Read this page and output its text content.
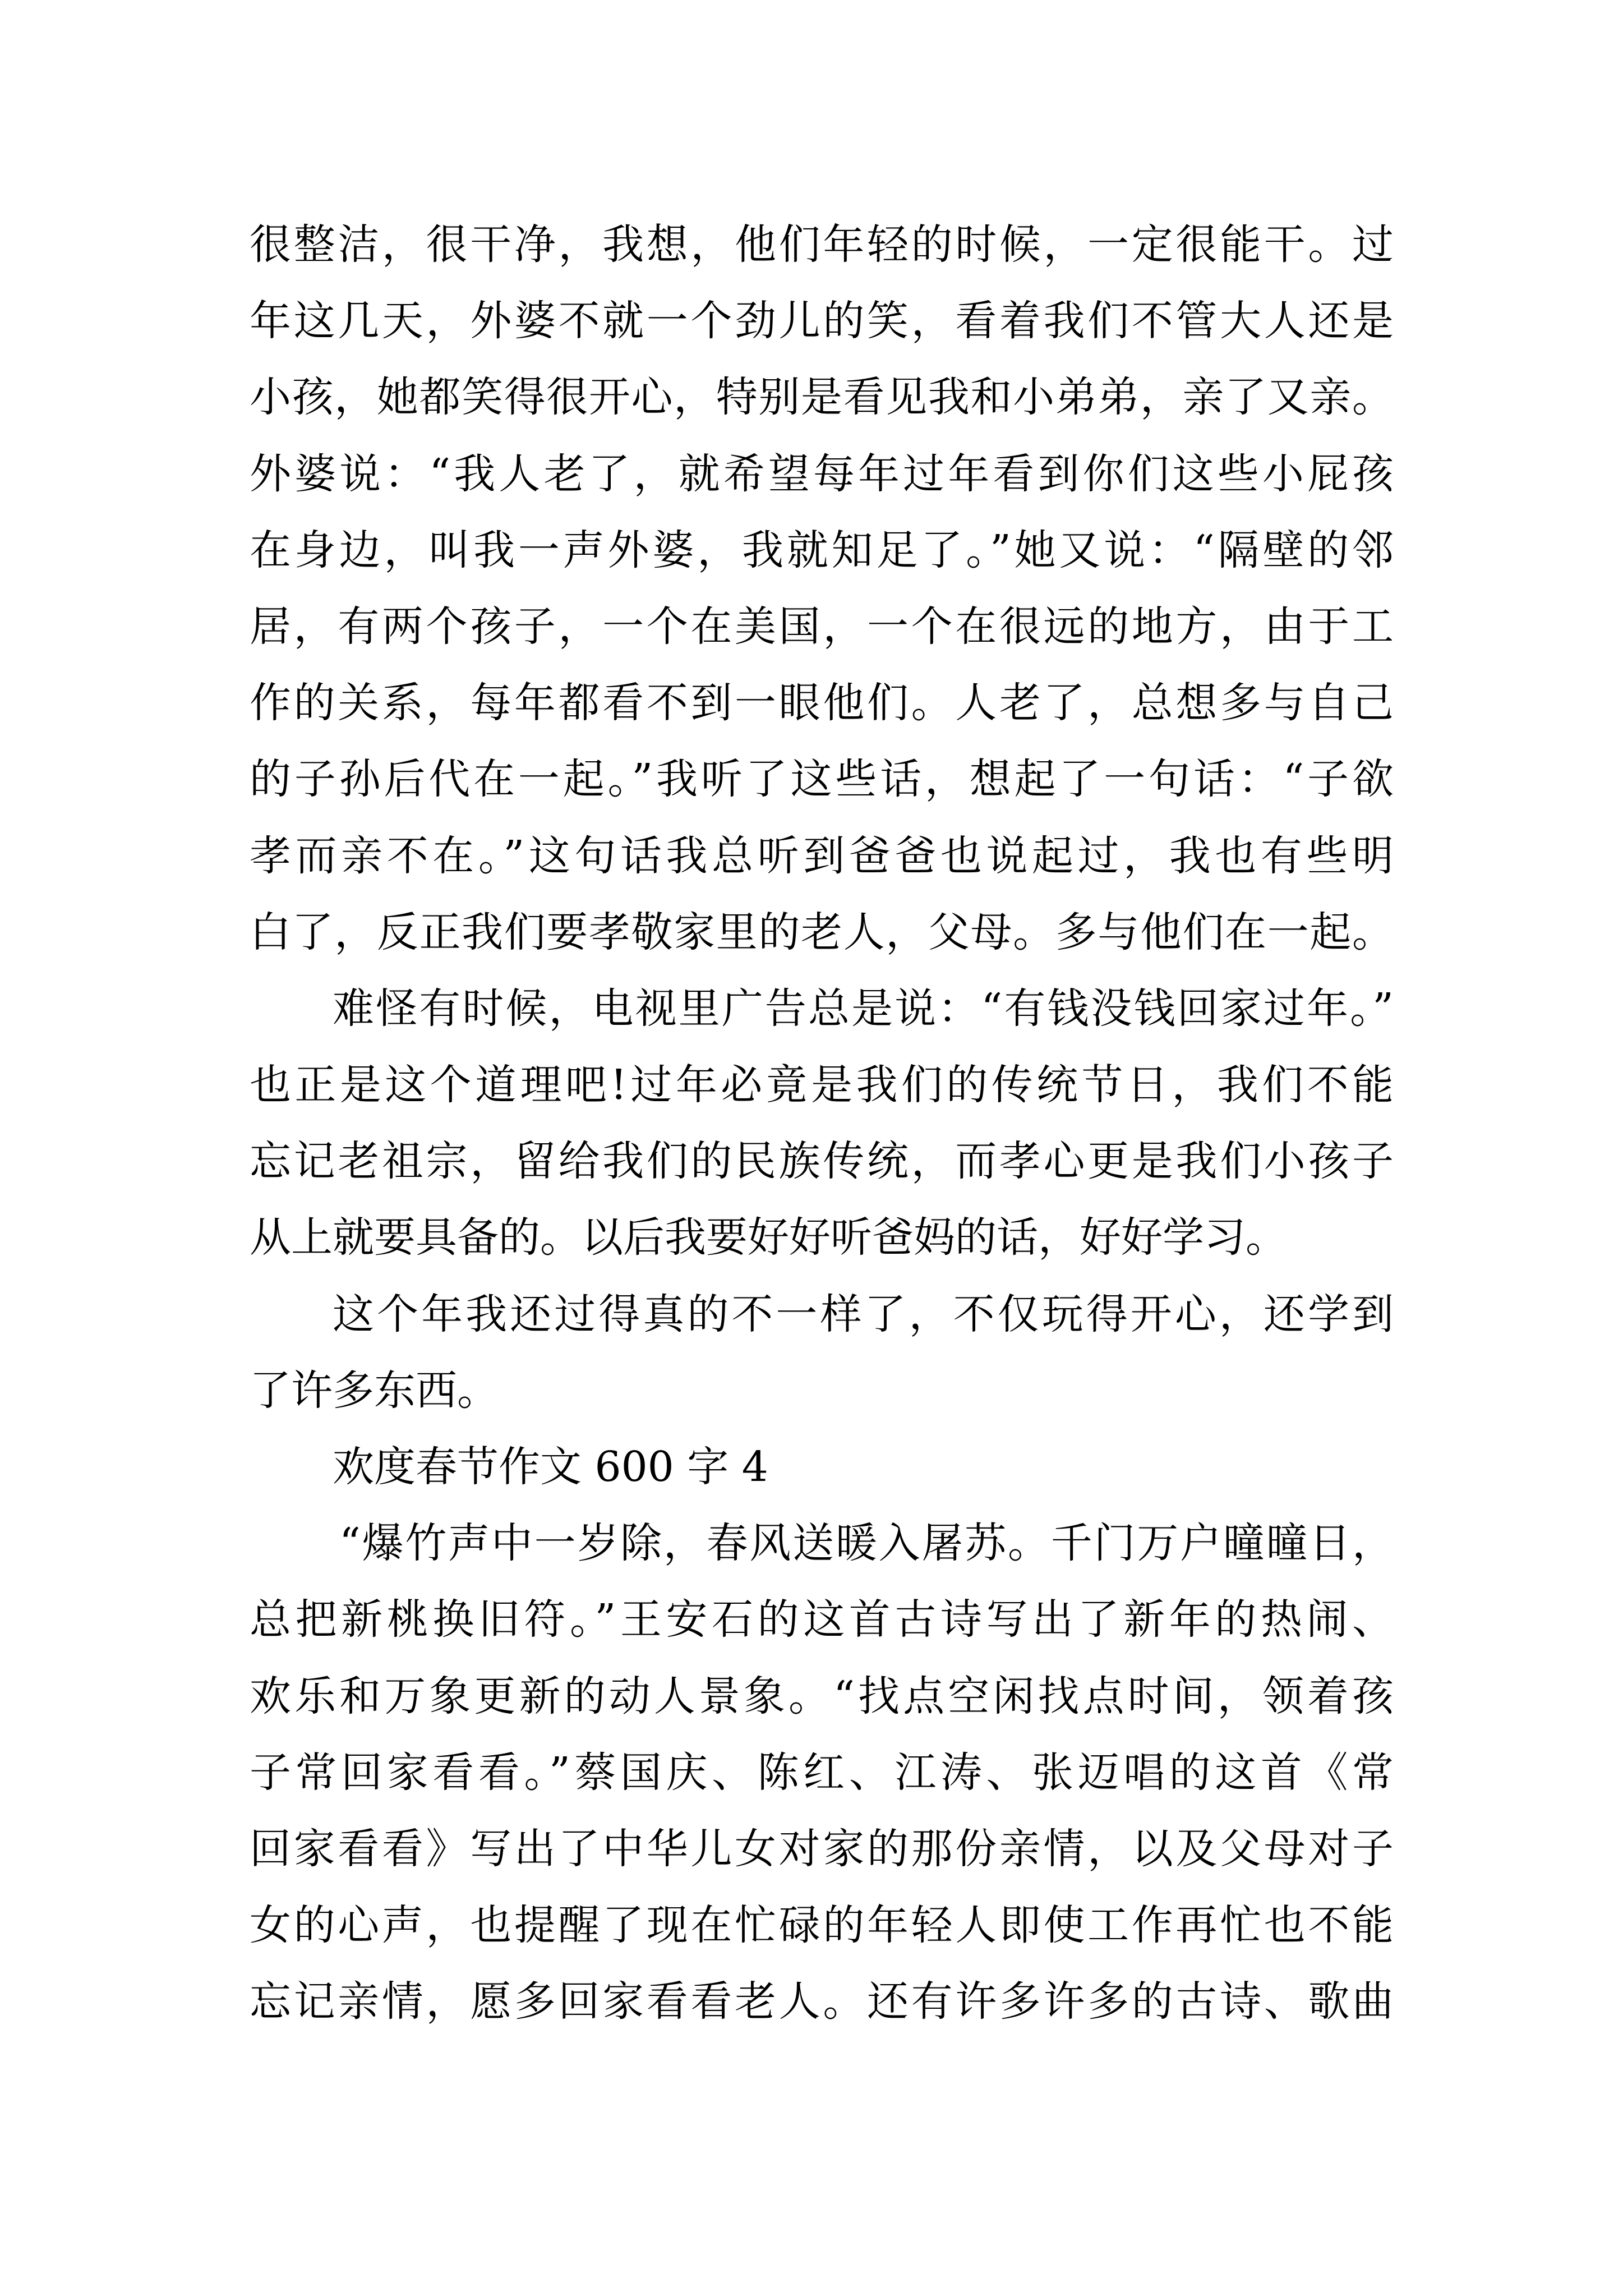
很整洁，很干净，我想，他们年轻的时候，一定很能干。过
年这几天，外婆不就一个劲儿的笑，看着我们不管大人还是
小孩，她都笑得很开心，特别是看见我和小弟弟，亲了又亲。
外婆说：“我人老了，就希望每年过年看到你们这些小屁孩
在身边，叫我一声外婆，我就知足了。”她又说：“隔壁的邻
居，有两个孩子，一个在美国，一个在很远的地方，由于工
作的关系，每年都看不到一眼他们。人老了，总想多与自己
的子孙后代在一起。”我听了这些话，想起了一句话：“子欲
孝而亲不在。”这句话我总听到爸爸也说起过，我也有些明
白了，反正我们要孝敬家里的老人，父母。多与他们在一起。
难怪有时候，电视里广告总是说：“有钱没钱回家过年。”
也正是这个道理吧!过年必竟是我们的传统节日，我们不能
忘记老祖宗，留给我们的民族传统，而孝心更是我们小孩子
从上就要具备的。以后我要好好听爸妈的话，好好学习。
这个年我还过得真的不一样了，不仅玩得开心，还学到
了许多东西。
欢度春节作文 600 字 4
“爆竹声中一岁除，春风送暖入屠苏。千门万户曈曈日，
总把新桃换旧符。”王安石的这首古诗写出了新年的热闹、
欢乐和万象更新的动人景象。“找点空闲找点时间，领着孩
子常回家看看。”蔡国庆、陈红、江涛、张迈唱的这首《常
回家看看》写出了中华儿女对家的那份亲情，以及父母对子
女的心声，也提醒了现在忙碌的年轻人即使工作再忙也不能
忘记亲情，愿多回家看看老人。还有许多许多的古诗、歌曲
